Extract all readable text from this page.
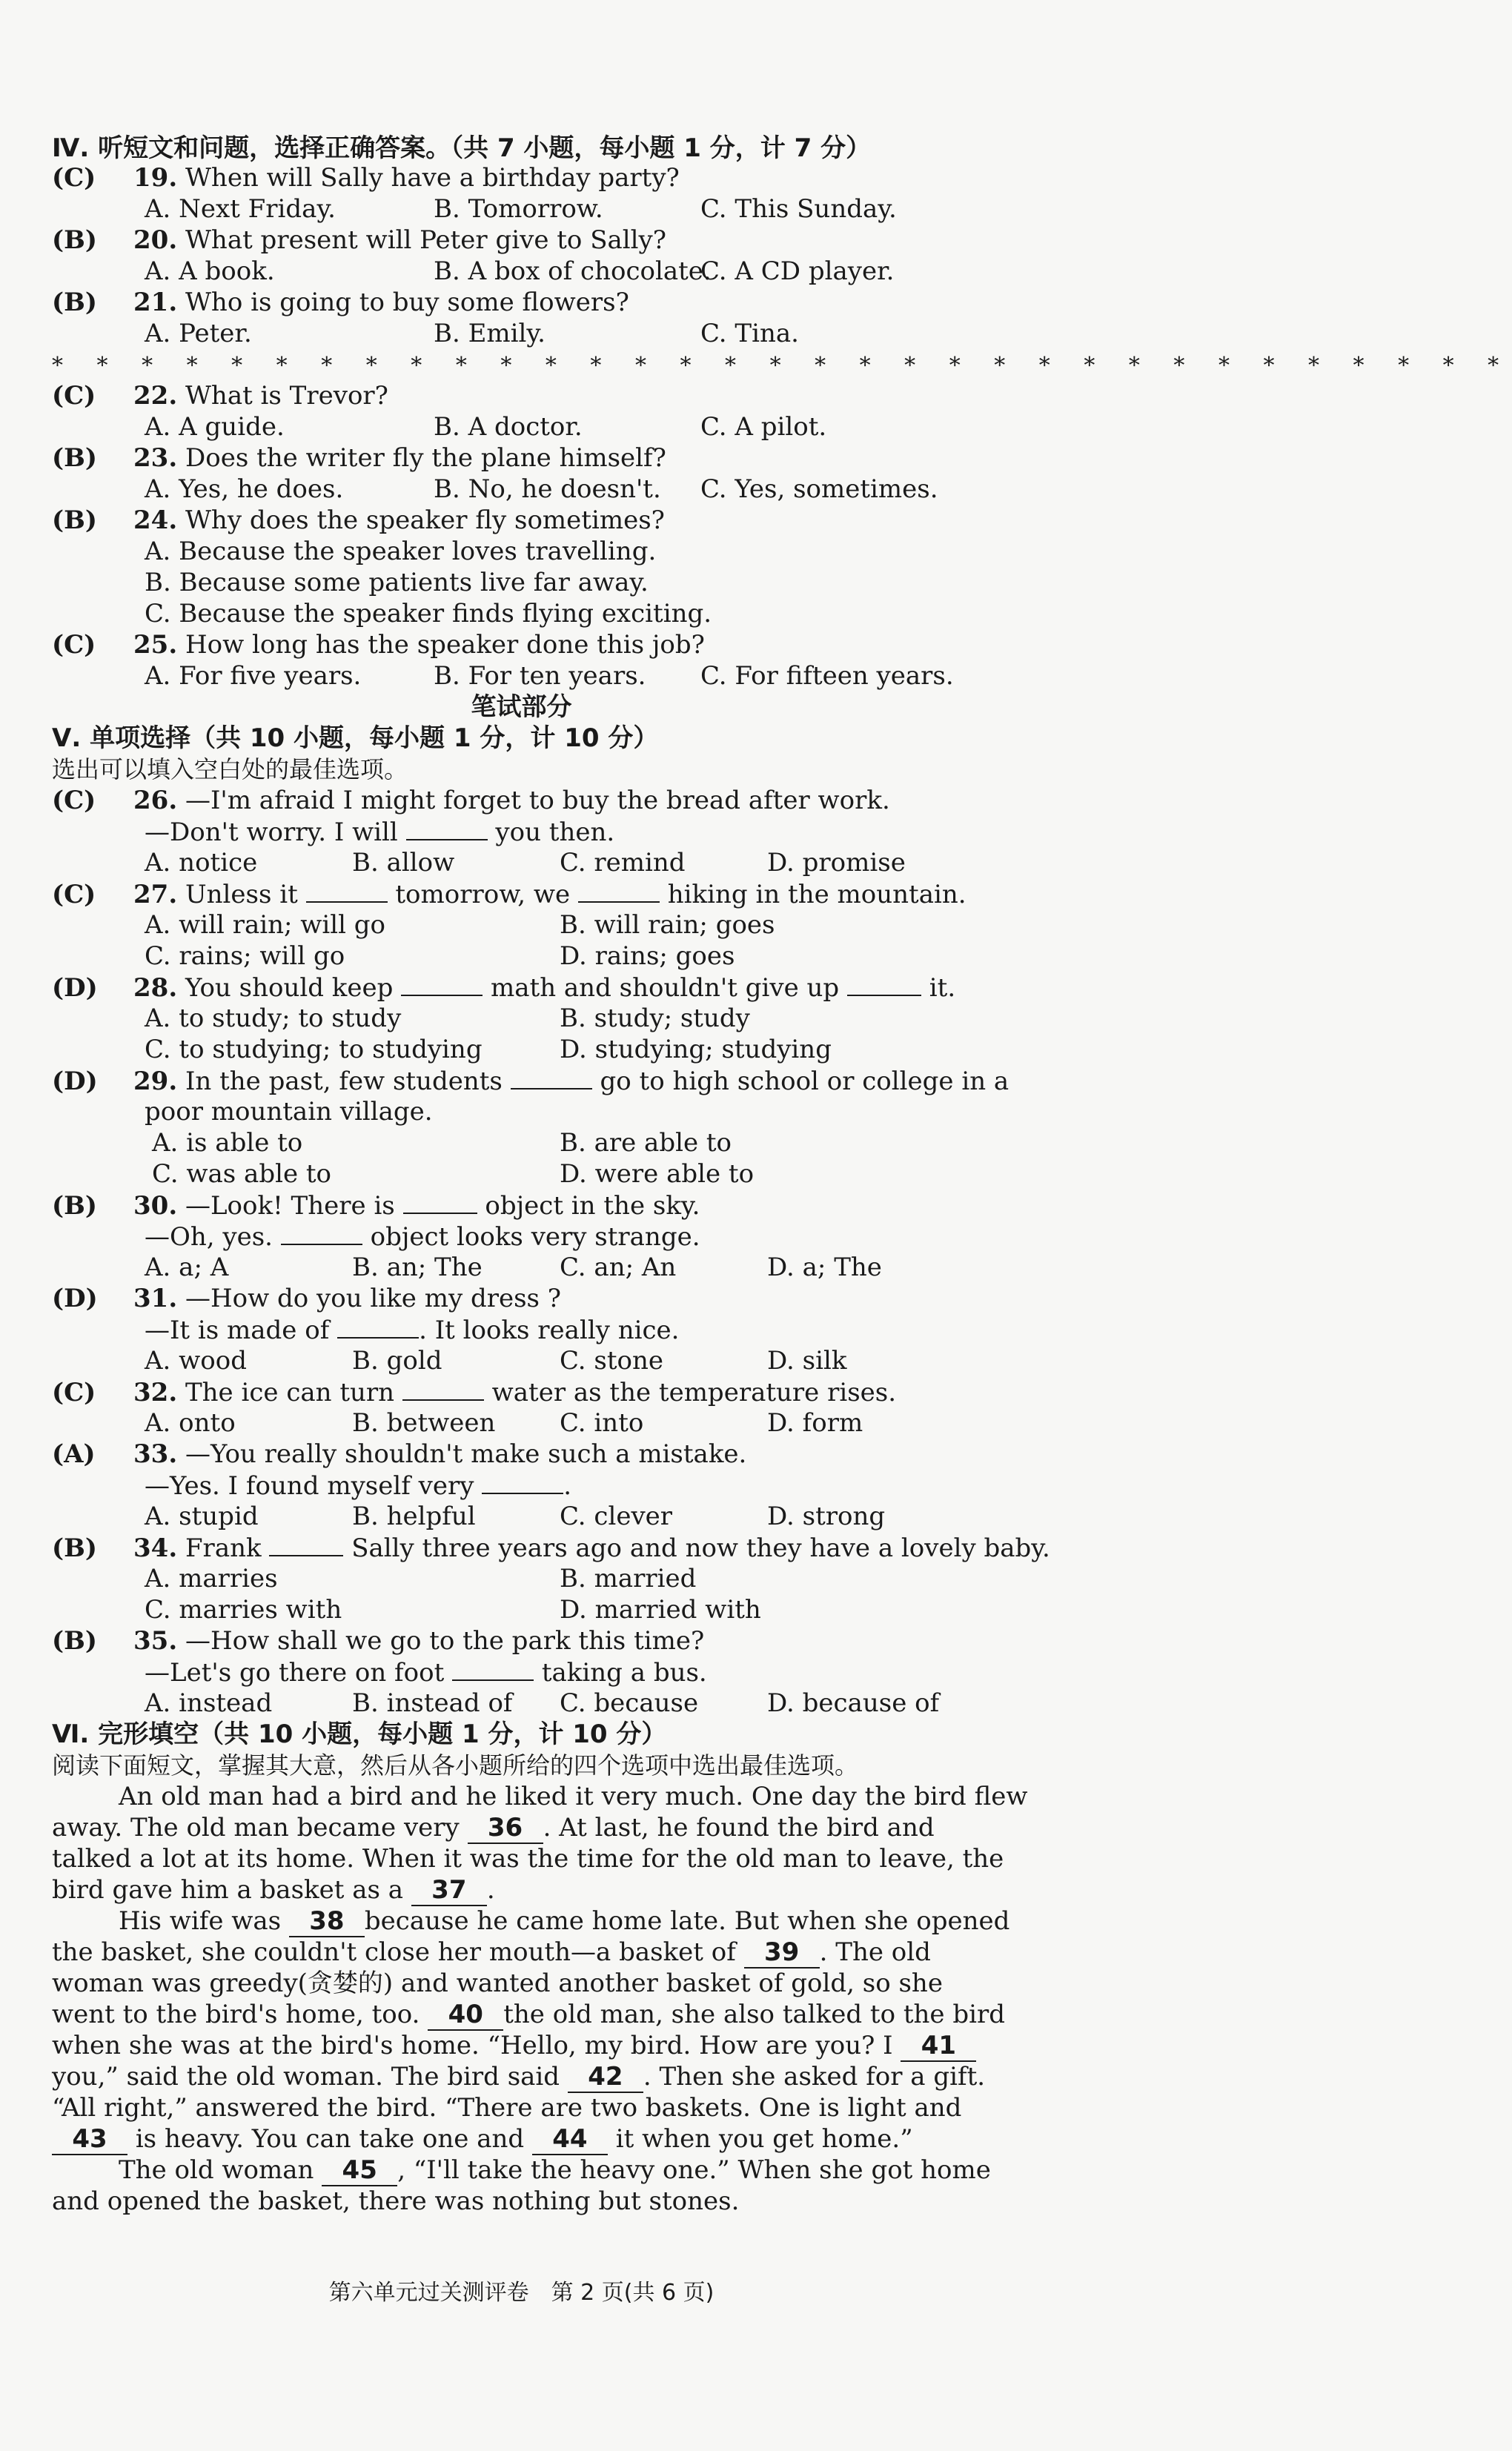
Ⅳ. 听短文和问题，选择正确答案。（共 7 小题，每小题 1 分，计 7 分）
(C) 19. When will Sally have a birthday party?
A. Next Friday.	B. Tomorrow.	C. This Sunday.
(B) 20. What present will Peter give to Sally?
A. A book.	B. A box of chocolate.
C. A CD player.
(B) 21. Who is going to buy some flowers?
A. Peter.	B. Emily.	C. Tina.
* * * * * * * * * * * * * * * * * * * * * * * * * * * * * * * * *
(C) 22. What is Trevor?
A. A guide.	B. A doctor.	C. A pilot.
(B) 23. Does the writer fly the plane himself?
A. Yes, he does.	B. No, he doesn't. C. Yes, sometimes.
(B) 24. Why does the speaker fly sometimes?
A. Because the speaker loves travelling.
B. Because some patients live far away.
C. Because the speaker finds flying exciting.
(C) 25. How long has the speaker done this job?
A. For five years.	B. For ten years. C. For fifteen years.
笔试部分
Ⅴ. 单项选择（共 10 小题，每小题 1 分，计 10 分）
选出可以填入空白处的最佳选项。
(C) 26. —I'm afraid I might forget to buy the bread after work.
—Don't worry. I will	you then.
A. notice	B. allow	C. remind	D. promise
(C) 27. Unless it	tomorrow, we	hiking in the mountain.
A. will rain; will go	B. will rain; goes
C. rains; will go	D. rains; goes
(D) 28. You should keep	math and shouldn't give up	it.
A. to study; to study	B. study; study
C. to studying; to studying	D. studying; studying
(D) 29. In the past, few students	go to high school or college in a
poor mountain village.
A. is able to	B. are able to
C. was able to	D. were able to
(B) 30. —Look! There is	object in the sky.
—Oh, yes.	object looks very strange.
A. a; A	B. an; The	C. an; An	D. a; The
(D) 31. —How do you like my dress ?
—It is made of	. It looks really nice.
A. wood	B. gold	C. stone	D. silk
(C) 32. The ice can turn	water as the temperature rises.
A. onto	B. between	C. into	D. form
(A) 33. —You really shouldn't make such a mistake.
—Yes. I found myself very	.
A. stupid	B. helpful	C. clever	D. strong
(B) 34. Frank	Sally three years ago and now they have a lovely baby.
A. marries	B. married
C. marries with	D. married with
(B) 35. —How shall we go to the park this time?
—Let's go there on foot	taking a bus.
A. instead	B. instead of C. because	D. because of
Ⅵ. 完形填空（共 10 小题，每小题 1 分，计 10 分）
阅读下面短文，掌握其大意，然后从各小题所给的四个选项中选出最佳选项。
An old man had a bird and he liked it very much. One day the bird flew
away. The old man became very 36 . At last, he found the bird and
talked a lot at its home. When it was the time for the old man to leave, the
bird gave him a basket as a 37 .
His wife was 38 because he came home late. But when she opened
the basket, she couldn't close her mouth—a basket of 39 . The old
woman was greedy(贪婪的) and wanted another basket of gold, so she
went to the bird's home, too. 40 the old man, she also talked to the bird
when she was at the bird's home. “Hello, my bird. How are you? I 41
you,” said the old woman. The bird said 42 . Then she asked for a gift.
“All right,” answered the bird. “There are two baskets. One is light and
43 is heavy. You can take one and 44 it when you get home.”
The old woman 45 , “I'll take the heavy one.” When she got home
and opened the basket, there was nothing but stones.
第六单元过关测评卷　第 2 页(共 6 页)
